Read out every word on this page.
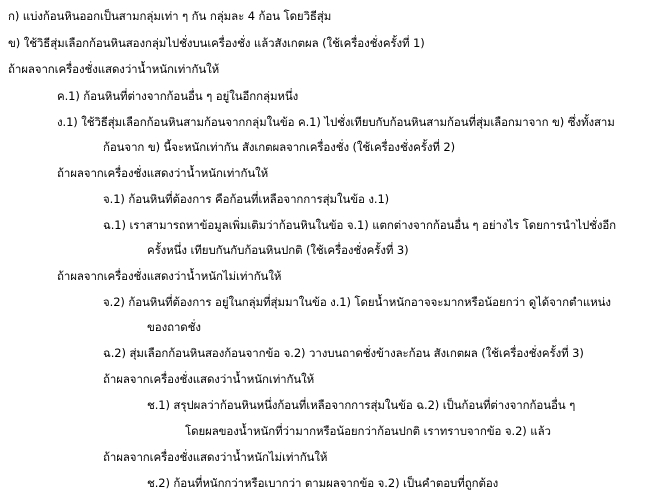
ก) แบ่งก้อนหินออกเป็นสามกลุ่มเท่า ๆ กัน กลุ่มละ 4 ก้อน โดยวิธีสุ่ม
ข) ใช้วิธีสุ่มเลือกก้อนหินสองกลุ่มไปชั่งบนเครื่องชั่ง แล้วสังเกตผล (ใช้เครื่องชั่งครั้งที่ 1)
ถ้าผลจากเครื่องชั่งแสดงว่าน้ำหนักเท่ากันให้
ค.1) ก้อนหินที่ต่างจากก้อนอื่น ๆ อยู่ในอีกกลุ่มหนึ่ง
ง.1) ใช้วิธีสุ่มเลือกก้อนหินสามก้อนจากกลุ่มในข้อ ค.1) ไปชั่งเทียบกับก้อนหินสามก้อนที่สุ่มเลือกมาจาก ข) ซึ่งทั้งสาม
ก้อนจาก ข) นี้จะหนักเท่ากัน สังเกตผลจากเครื่องชั่ง (ใช้เครื่องชั่งครั้งที่ 2)
ถ้าผลจากเครื่องชั่งแสดงว่าน้ำหนักเท่ากันให้
จ.1) ก้อนหินที่ต้องการ คือก้อนที่เหลือจากการสุ่มในข้อ ง.1)
ฉ.1) เราสามารถหาข้อมูลเพิ่มเติมว่าก้อนหินในข้อ จ.1) แตกต่างจากก้อนอื่น ๆ อย่างไร โดยการนำไปชั่งอีก
ครั้งหนึ่ง เทียบกันกับก้อนหินปกติ (ใช้เครื่องชั่งครั้งที่ 3)
ถ้าผลจากเครื่องชั่งแสดงว่าน้ำหนักไม่เท่ากันให้
จ.2) ก้อนหินที่ต้องการ อยู่ในกลุ่มที่สุ่มมาในข้อ ง.1) โดยน้ำหนักอาจจะมากหรือน้อยกว่า ดูได้จากตำแหน่ง
ของถาดชั่ง
ฉ.2) สุ่มเลือกก้อนหินสองก้อนจากข้อ จ.2) วางบนถาดชั่งข้างละก้อน สังเกตผล (ใช้เครื่องชั่งครั้งที่ 3)
ถ้าผลจากเครื่องชั่งแสดงว่าน้ำหนักเท่ากันให้
ช.1) สรุปผลว่าก้อนหินหนึ่งก้อนที่เหลือจากการสุ่มในข้อ ฉ.2) เป็นก้อนที่ต่างจากก้อนอื่น ๆ
โดยผลของน้ำหนักที่ว่ามากหรือน้อยกว่าก้อนปกติ เราทราบจากข้อ จ.2) แล้ว
ถ้าผลจากเครื่องชั่งแสดงว่าน้ำหนักไม่เท่ากันให้
ช.2) ก้อนที่หนักกว่าหรือเบากว่า ตามผลจากข้อ จ.2) เป็นคำตอบที่ถูกต้อง
